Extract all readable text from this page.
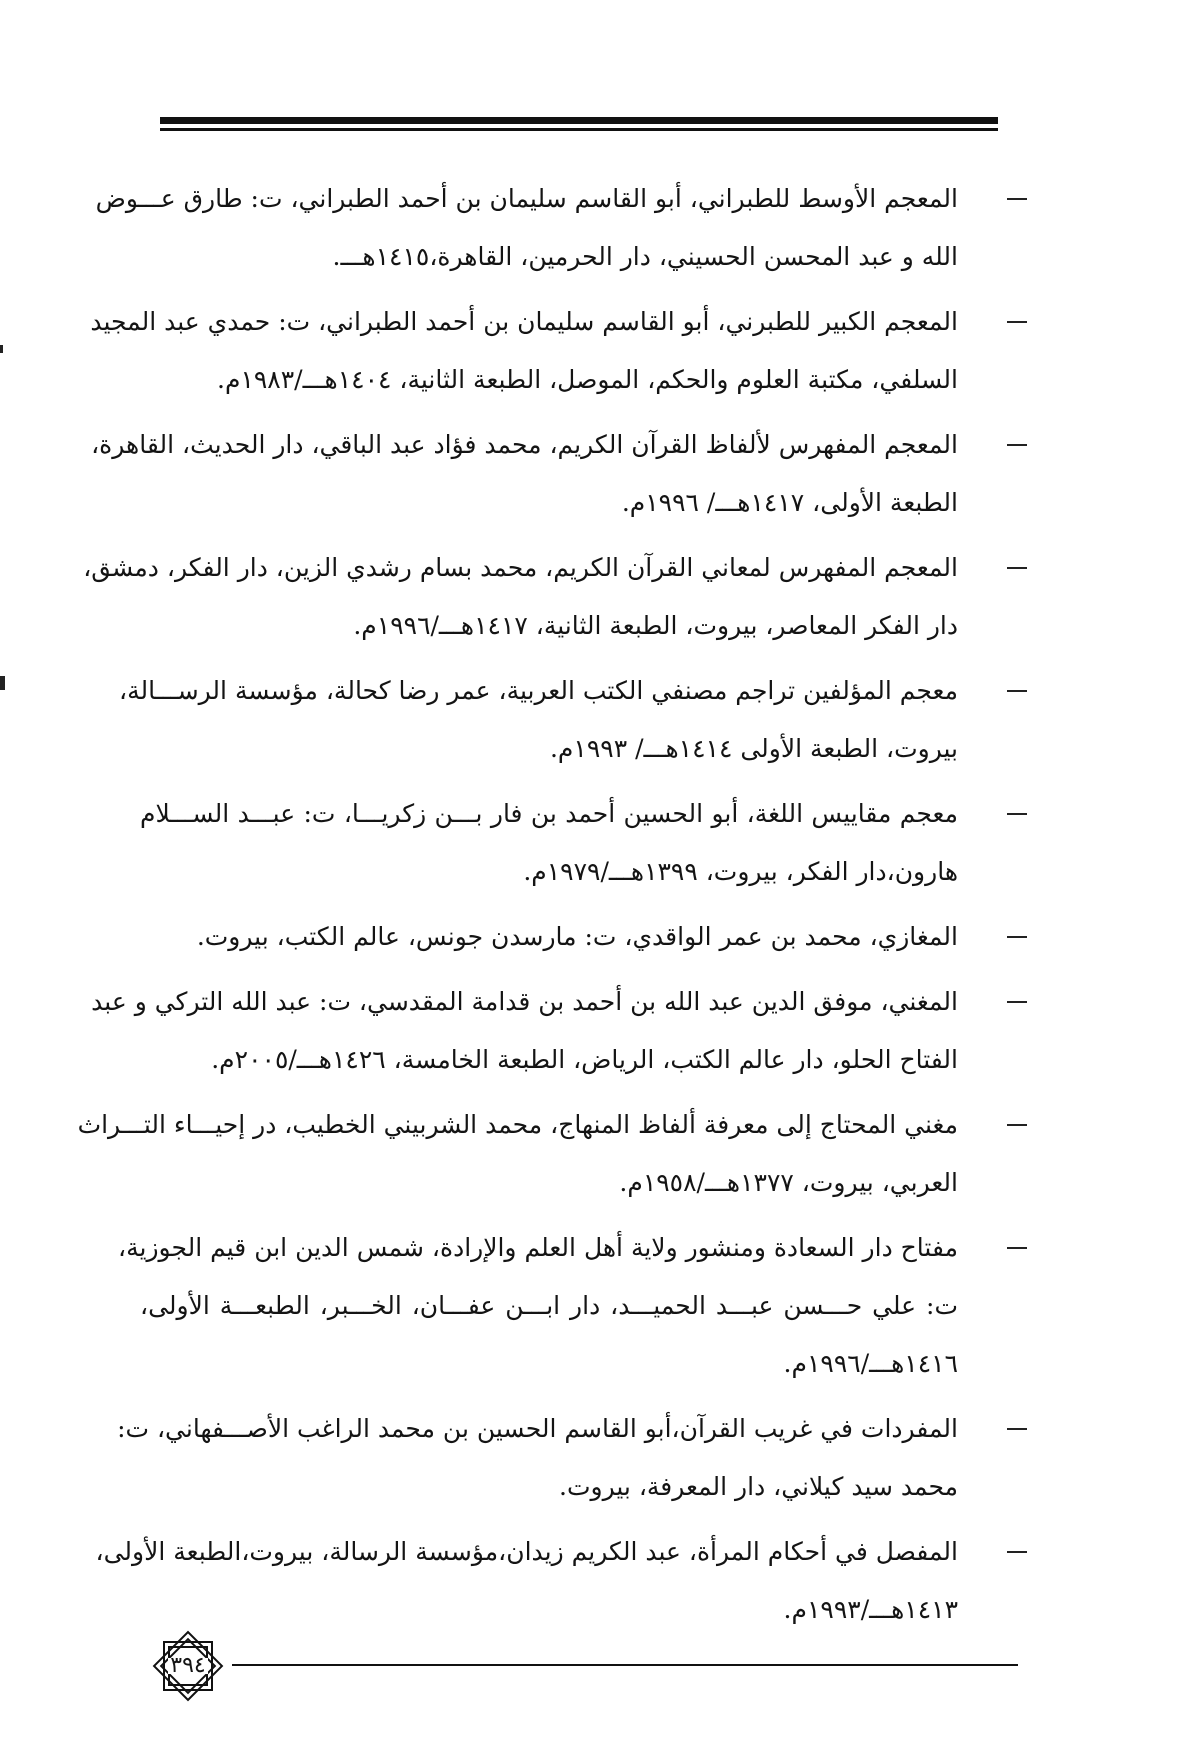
المعجم الأوسط للطبراني، أبو القاسم سليمان بن أحمد الطبراني، ت: طارق عـــوض
الله و عبد المحسن الحسيني، دار الحرمين، القاهرة،١٤١٥هـــ.
المعجم الكبير للطبرني، أبو القاسم سليمان بن أحمد الطبراني، ت: حمدي عبد المجيد
السلفي، مكتبة العلوم والحكم، الموصل، الطبعة الثانية، ١٤٠٤هـــ/١٩٨٣م.
المعجم المفهرس لألفاظ القرآن الكريم، محمد فؤاد عبد الباقي، دار الحديث، القاهرة،
الطبعة الأولى، ١٤١٧هـــ/ ١٩٩٦م.
المعجم المفهرس لمعاني القرآن الكريم، محمد بسام رشدي الزين، دار الفكر، دمشق،
دار الفكر المعاصر، بيروت، الطبعة الثانية، ١٤١٧هـــ/١٩٩٦م.
معجم المؤلفين تراجم مصنفي الكتب العربية، عمر رضا كحالة، مؤسسة الرســـالة،
بيروت، الطبعة الأولى ١٤١٤هـــ/ ١٩٩٣م.
معجم مقاييس اللغة، أبو الحسين أحمد بن فار بـــن زكريـــا، ت: عبـــد الســـلام
هارون،دار الفكر، بيروت، ١٣٩٩هـــ/١٩٧٩م.
المغازي، محمد بن عمر الواقدي، ت: مارسدن جونس، عالم الكتب، بيروت.
المغني، موفق الدين عبد الله بن أحمد بن قدامة المقدسي، ت: عبد الله التركي و عبد
الفتاح الحلو، دار عالم الكتب، الرياض، الطبعة الخامسة، ١٤٢٦هـــ/٢٠٠٥م.
مغني المحتاج إلى معرفة ألفاظ المنهاج، محمد الشربيني الخطيب، در إحيـــاء التـــراث
العربي، بيروت، ١٣٧٧هـــ/١٩٥٨م.
مفتاح دار السعادة ومنشور ولاية أهل العلم والإرادة، شمس الدين ابن قيم الجوزية،
ت: علي حـــسن عبـــد الحميـــد، دار ابـــن عفـــان، الخـــبر، الطبعـــة الأولى،
١٤١٦هـــ/١٩٩٦م.
المفردات في غريب القرآن،أبو القاسم الحسين بن محمد الراغب الأصـــفهاني، ت:
محمد سيد كيلاني، دار المعرفة، بيروت.
المفصل في أحكام المرأة، عبد الكريم زيدان،مؤسسة الرسالة، بيروت،الطبعة الأولى،
١٤١٣هـــ/١٩٩٣م.
٣٩٤
